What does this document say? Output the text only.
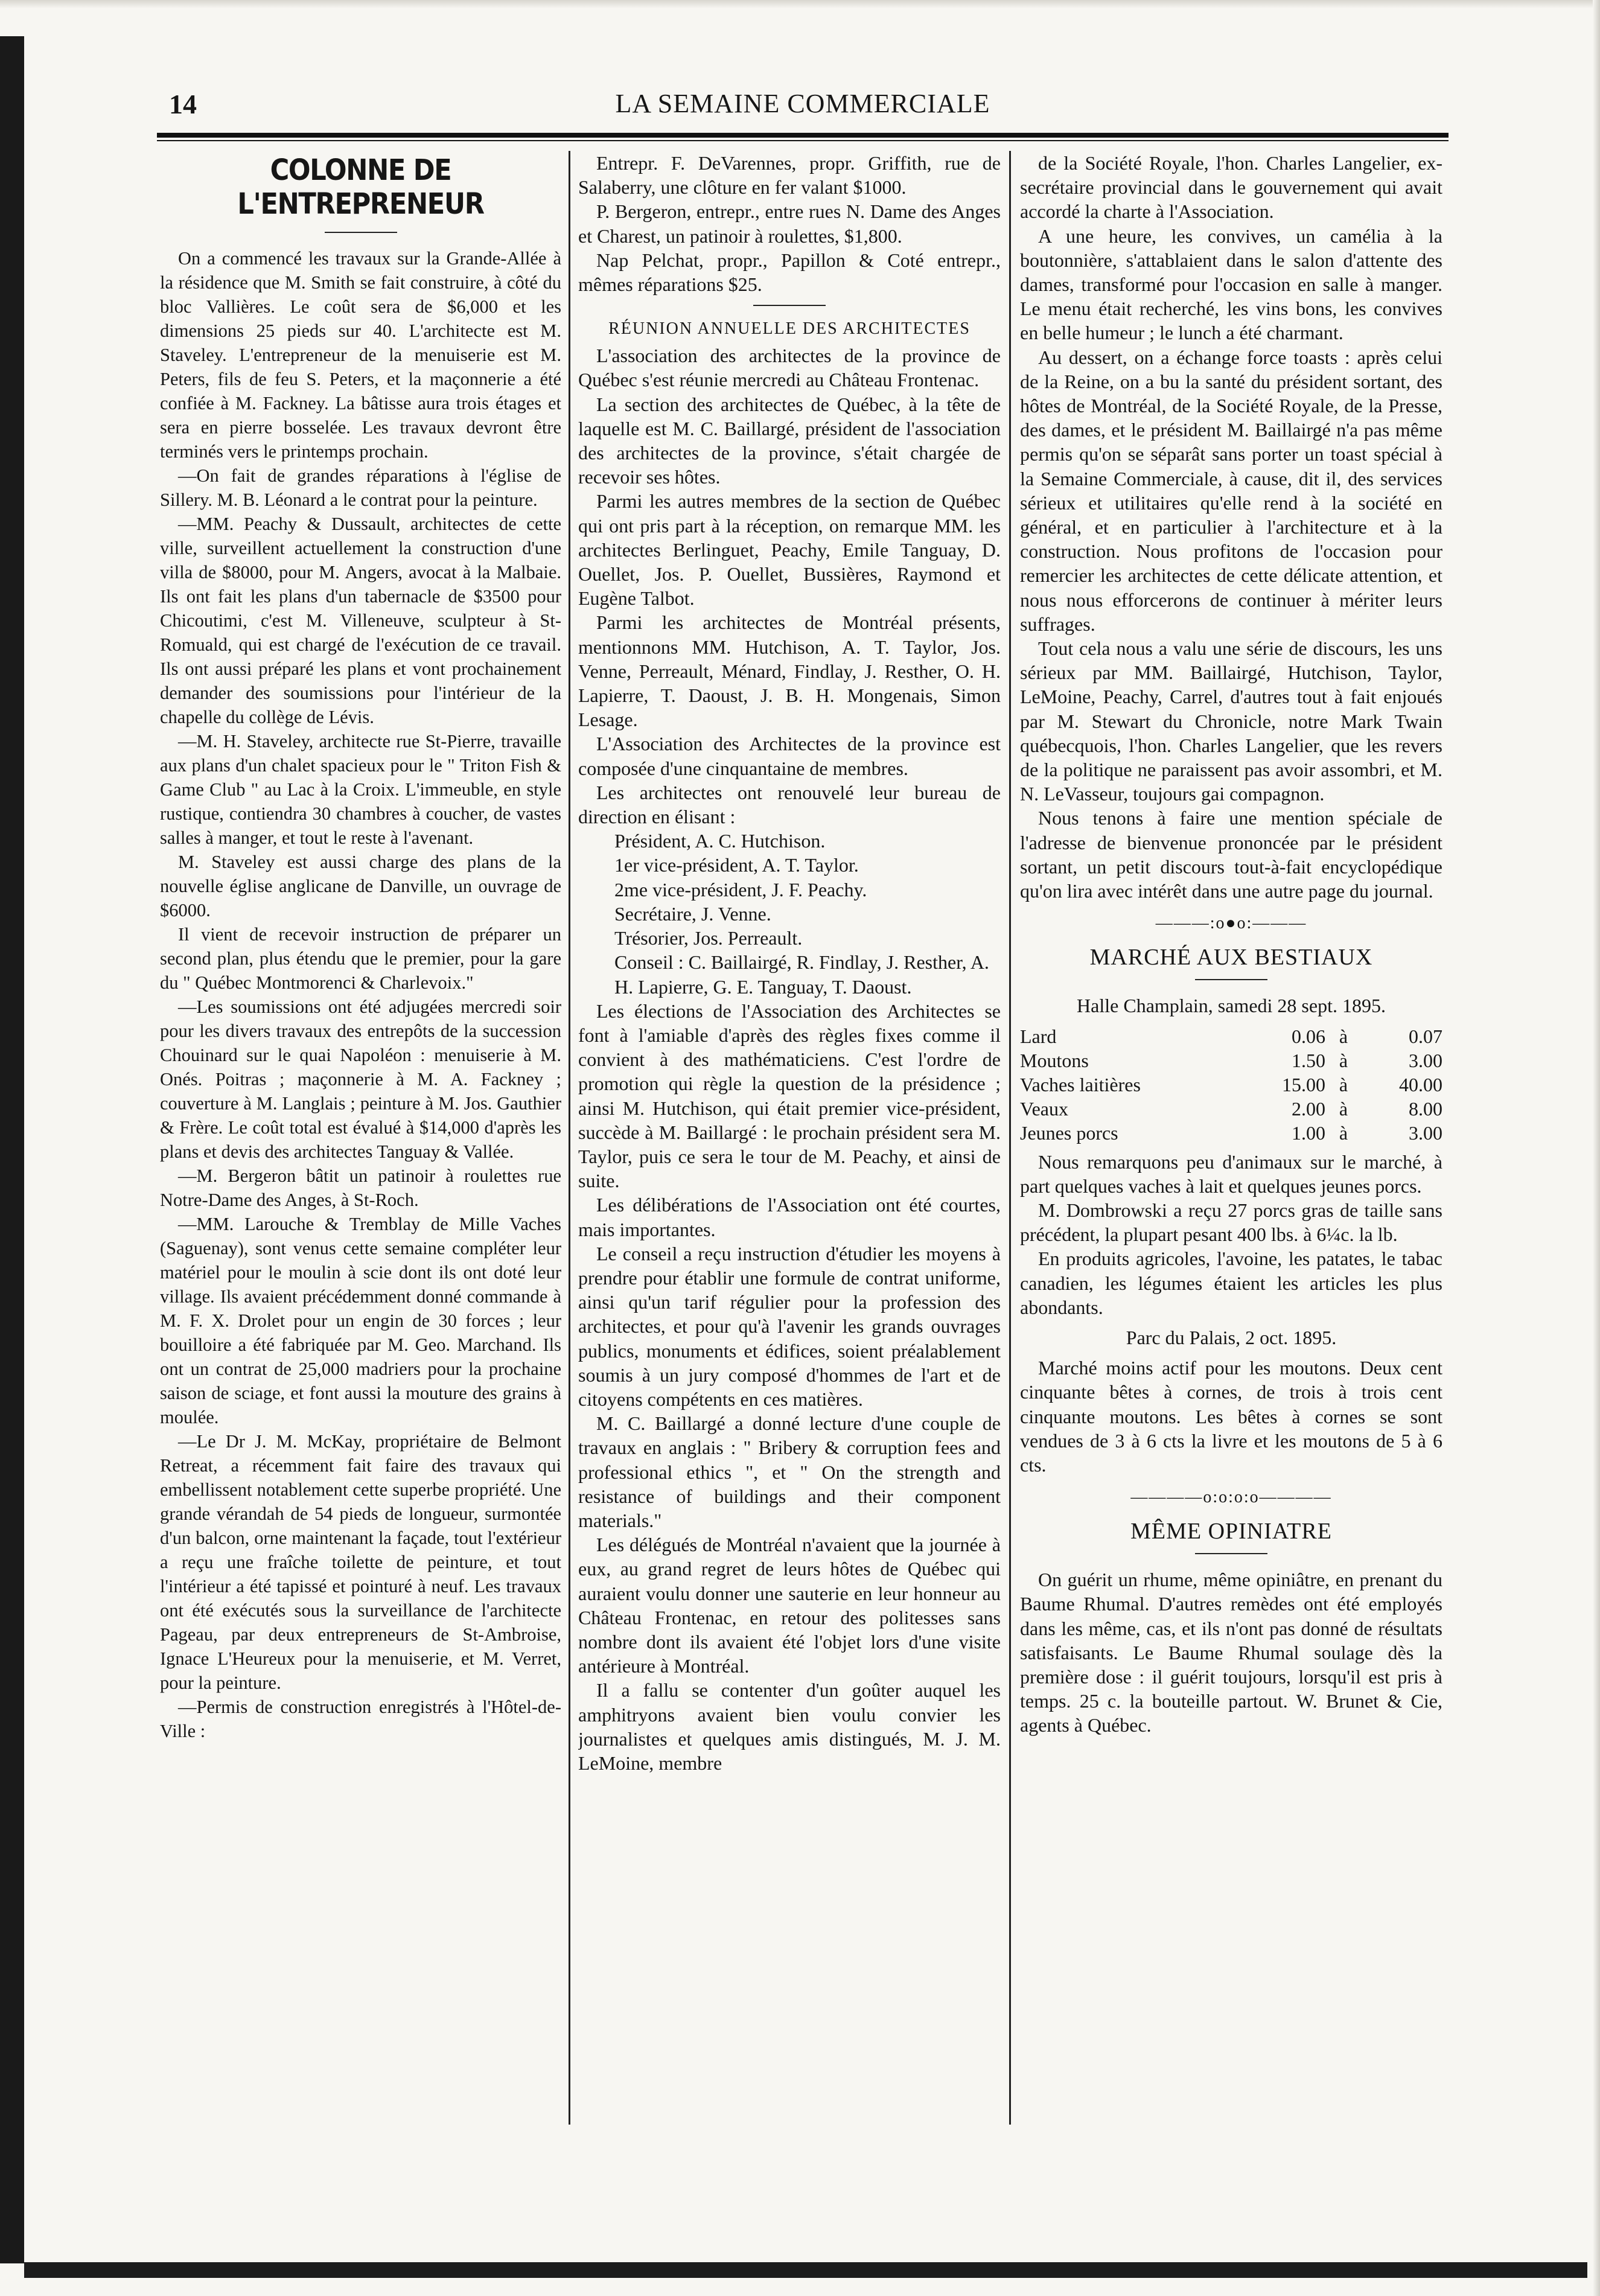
14	LA SEMAINE COMMERCIALE
COLONNE DE L'ENTREPRENEUR

On a commencé les travaux sur la Grande-Allée à la résidence que M. Smith se fait construire, à côté du bloc Vallières. Le coût sera de $6,000 et les dimensions 25 pieds sur 40. L'architecte est M. Staveley. L'entrepreneur de la menuiserie est M. Peters, fils de feu S. Peters, et la maçonnerie a été confiée à M. Fackney. La bâtisse aura trois étages et sera en pierre bosselée. Les travaux devront être terminés vers le printemps prochain.

—On fait de grandes réparations à l'église de Sillery. M. B. Léonard a le contrat pour la peinture.

—MM. Peachy & Dussault, architectes de cette ville, surveillent actuellement la construction d'une villa de $8000, pour M. Angers, avocat à la Malbaie. Ils ont fait les plans d'un tabernacle de $3500 pour Chicoutimi, c'est M. Villeneuve, sculpteur à St- Romuald, qui est chargé de l'exécution de ce travail. Ils ont aussi préparé les plans et vont prochainement demander des soumissions pour l'intérieur de la chapelle du collège de Lévis.

—M. H. Staveley, architecte rue St-Pierre, travaille aux plans d'un chalet spacieux pour le " Triton Fish & Game Club " au Lac à la Croix. L'immeuble, en style rustique, contiendra 30 chambres à coucher, de vastes salles à manger, et tout le reste à l'avenant.

M. Staveley est aussi charge des plans de la nouvelle église anglicane de Danville, un ouvrage de $6000.

Il vient de recevoir instruction de préparer un second plan, plus étendu que le premier, pour la gare du " Québec Montmorenci & Charlevoix."

—Les soumissions ont été adjugées mercredi soir pour les divers travaux des entrepôts de la succession Chouinard sur le quai Napoléon : menuiserie à M. Onés. Poitras ; maçonnerie à M. A. Fackney ; couverture à M. Langlais ; peinture à M. Jos. Gauthier & Frère. Le coût total est évalué à $14,000 d'après les plans et devis des architectes Tanguay & Vallée.

—M. Bergeron bâtit un patinoir à roulettes rue Notre-Dame des Anges, à St-Roch.

—MM. Larouche & Tremblay de Mille Vaches (Saguenay), sont venus cette semaine compléter leur matériel pour le moulin à scie dont ils ont doté leur village. Ils avaient précédemment donné commande à M. F. X. Drolet pour un engin de 30 forces ; leur bouilloire a été fabriquée par M. Geo. Marchand. Ils ont un contrat de 25,000 madriers pour la prochaine saison de sciage, et font aussi la mouture des grains à moulée.

—Le Dr J. M. McKay, propriétaire de Belmont Retreat, a récemment fait faire des travaux qui embellissent notablement cette superbe propriété. Une grande vérandah de 54 pieds de longueur, surmontée d'un balcon, orne maintenant la façade, tout l'extérieur a reçu une fraîche toilette de peinture, et tout l'intérieur a été tapissé et pointuré à neuf. Les travaux ont été exécutés sous la surveillance de l'architecte Pageau, par deux entrepreneurs de St-Ambroise, Ignace L'Heureux pour la menuiserie, et M. Verret, pour la peinture.

—Permis de construction enregistrés à l'Hôtel-de-Ville :

Entrepr. F. DeVarennes, propr. Griffith, rue de Salaberry, une clôture en fer valant $1000.

P. Bergeron, entrepr., entre rues N. Dame des Anges et Charest, un patinoir à roulettes, $1,800.

Nap Pelchat, propr., Papillon & Coté entrepr., mêmes réparations $25.

RÉUNION ANNUELLE DES ARCHITECTES

L'association des architectes de la province de Québec s'est réunie mercredi au Château Frontenac.

La section des architectes de Québec, à la tête de laquelle est M. C. Baillargé, président de l'association des architectes de la province, s'était chargée de recevoir ses hôtes.

Parmi les autres membres de la section de Québec qui ont pris part à la réception, on remarque MM. les architectes Berlinguet, Peachy, Emile Tanguay, D. Ouellet, Jos. P. Ouellet, Bussières, Raymond et Eugène Talbot.

Parmi les architectes de Montréal présents, mentionnons MM. Hutchison, A. T. Taylor, Jos. Venne, Perreault, Ménard, Findlay, J. Resther, O. H. Lapierre, T. Daoust, J. B. H. Mongenais, Simon Lesage.

L'Association des Architectes de la province est composée d'une cinquantaine de membres.

Les architectes ont renouvelé leur bureau de direction en élisant :

Président, A. C. Hutchison.

1er vice-président, A. T. Taylor.

2me vice-président, J. F. Peachy.

Secrétaire, J. Venne.

Trésorier, Jos. Perreault.

Conseil : C. Baillairgé, R. Findlay, J. Resther, A. H. Lapierre, G. E. Tanguay, T. Daoust.

Les élections de l'Association des Architectes se font à l'amiable d'après des règles fixes comme il convient à des mathématiciens. C'est l'ordre de promotion qui règle la question de la présidence ; ainsi M. Hutchison, qui était premier vice-président, succède à M. Baillargé : le prochain président sera M. Taylor, puis ce sera le tour de M. Peachy, et ainsi de suite.

Les délibérations de l'Association ont été courtes, mais importantes.

Le conseil a reçu instruction d'étudier les moyens à prendre pour établir une formule de contrat uniforme, ainsi qu'un tarif régulier pour la profession des architectes, et pour qu'à l'avenir les grands ouvrages publics, monuments et édifices, soient préalablement soumis à un jury composé d'hommes de l'art et de citoyens compétents en ces matières.

M. C. Baillargé a donné lecture d'une couple de travaux en anglais : " Bribery & corruption fees and professional ethics ", et " On the strength and resistance of buildings and their component materials."

Les délégués de Montréal n'avaient que la journée à eux, au grand regret de leurs hôtes de Québec qui auraient voulu donner une sauterie en leur honneur au Château Frontenac, en retour des politesses sans nombre dont ils avaient été l'objet lors d'une visite antérieure à Montréal.

Il a fallu se contenter d'un goûter auquel les amphitryons avaient bien voulu convier les journalistes et quelques amis distingués, M. J. M. LeMoine, membre

de la Société Royale, l'hon. Charles Langelier, ex-secrétaire provincial dans le gouvernement qui avait accordé la charte à l'Association.

A une heure, les convives, un camélia à la boutonnière, s'attablaient dans le salon d'attente des dames, transformé pour l'occasion en salle à manger. Le menu était recherché, les vins bons, les convives en belle humeur ; le lunch a été charmant.

Au dessert, on a échange force toasts : après celui de la Reine, on a bu la santé du président sortant, des hôtes de Montréal, de la Société Royale, de la Presse, des dames, et le président M. Baillairgé n'a pas même permis qu'on se séparât sans porter un toast spécial à la Semaine Commerciale, à cause, dit il, des services sérieux et utilitaires qu'elle rend à la société en général, et en particulier à l'architecture et à la construction. Nous profitons de l'occasion pour remercier les architectes de cette délicate attention, et nous nous efforcerons de continuer à mériter leurs suffrages.

Tout cela nous a valu une série de discours, les uns sérieux par MM. Baillairgé, Hutchison, Taylor, LeMoine, Peachy, Carrel, d'autres tout à fait enjoués par M. Stewart du Chronicle, notre Mark Twain québecquois, l'hon. Charles Langelier, que les revers de la politique ne paraissent pas avoir assombri, et M. N. LeVasseur, toujours gai compagnon.

Nous tenons à faire une mention spéciale de l'adresse de bienvenue prononcée par le président sortant, un petit discours tout-à-fait encyclopédique qu'on lira avec intérêt dans une autre page du journal.

———:o●o:———
MARCHÉ AUX BESTIAUX

Halle Champlain, samedi 28 sept. 1895.

Lard	0.06	à	0.07
Moutons	1.50	à	3.00
Vaches laitières	15.00	à	40.00
Veaux	2.00	à	8.00
Jeunes porcs	1.00	à	3.00

Nous remarquons peu d'animaux sur le marché, à part quelques vaches à lait et quelques jeunes porcs.

M. Dombrowski a reçu 27 porcs gras de taille sans précédent, la plupart pesant 400 lbs. à 6¼c. la lb.

En produits agricoles, l'avoine, les patates, le tabac canadien, les légumes étaient les articles les plus abondants.

Parc du Palais, 2 oct. 1895.

Marché moins actif pour les moutons. Deux cent cinquante bêtes à cornes, de trois à trois cent cinquante moutons. Les bêtes à cornes se sont vendues de 3 à 6 cts la livre et les moutons de 5 à 6 cts.

————o:o:o:o————
MÊME OPINIATRE

On guérit un rhume, même opiniâtre, en prenant du Baume Rhumal. D'autres remèdes ont été employés dans les même, cas, et ils n'ont pas donné de résultats satisfaisants. Le Baume Rhumal soulage dès la première dose : il guérit toujours, lorsqu'il est pris à temps. 25 c. la bouteille partout. W. Brunet & Cie, agents à Québec.
